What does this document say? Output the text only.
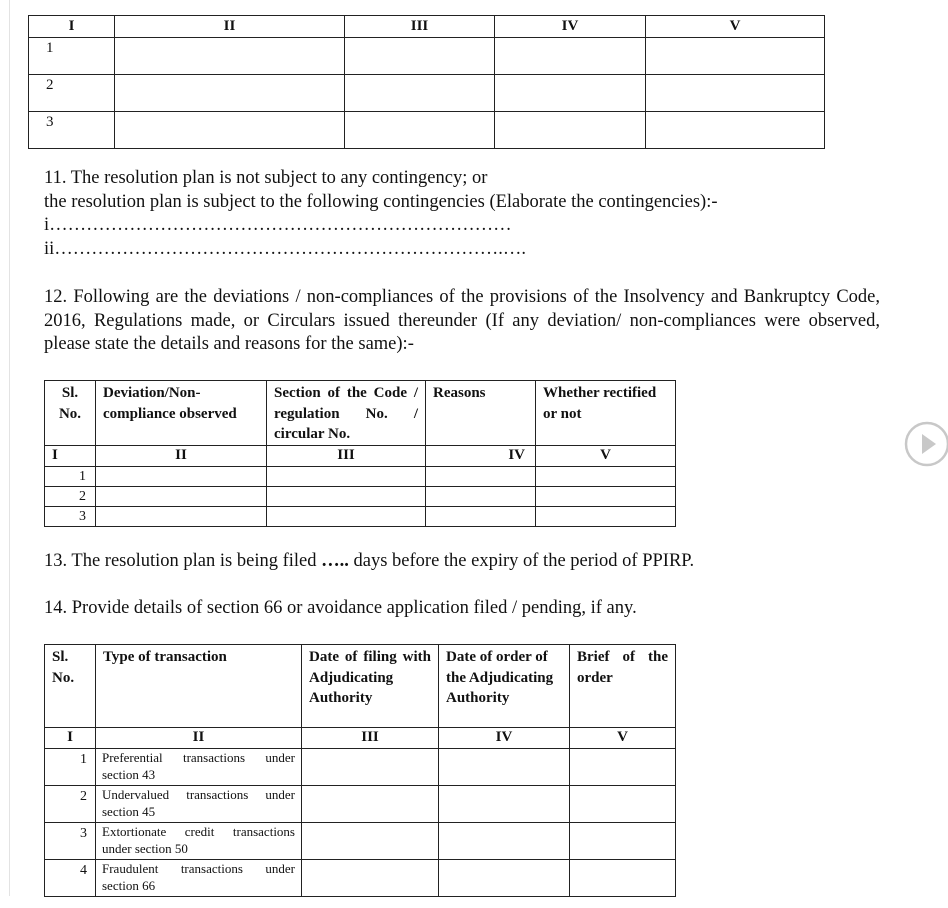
I	II	III	IV	V
1				
2				
3				
11. The resolution plan is not subject to any contingency; or
the resolution plan is subject to the following contingencies (Elaborate the contingencies):-
i…………………………………………………………………
ii……………………………………………………………….….

12. Following are the deviations / non-compliances of the provisions of the Insolvency and Bankruptcy Code, 2016, Regulations made, or Circulars issued thereunder (If any deviation/ non-compliances were observed, please state the details and reasons for the same):-

Sl. No.	Deviation/Non-compliance observed	Section of the Code / regulation No. / circular No.	Reasons	Whether rectified or not
I	II	III	IV	V
1				
2				
3				
13. The resolution plan is being filed ….. days before the expiry of the period of PPIRP.
14. Provide details of section 66 or avoidance application filed / pending, if any.
Sl. No.	Type of transaction	Date of filing with Adjudicating Authority	Date of order of the Adjudicating Authority	Brief of the order
I	II	III	IV	V
1	Preferential transactions under section 43			
2	Undervalued transactions under section 45			
3	Extortionate credit transactions under section 50			
4	Fraudulent transactions under section 66			
